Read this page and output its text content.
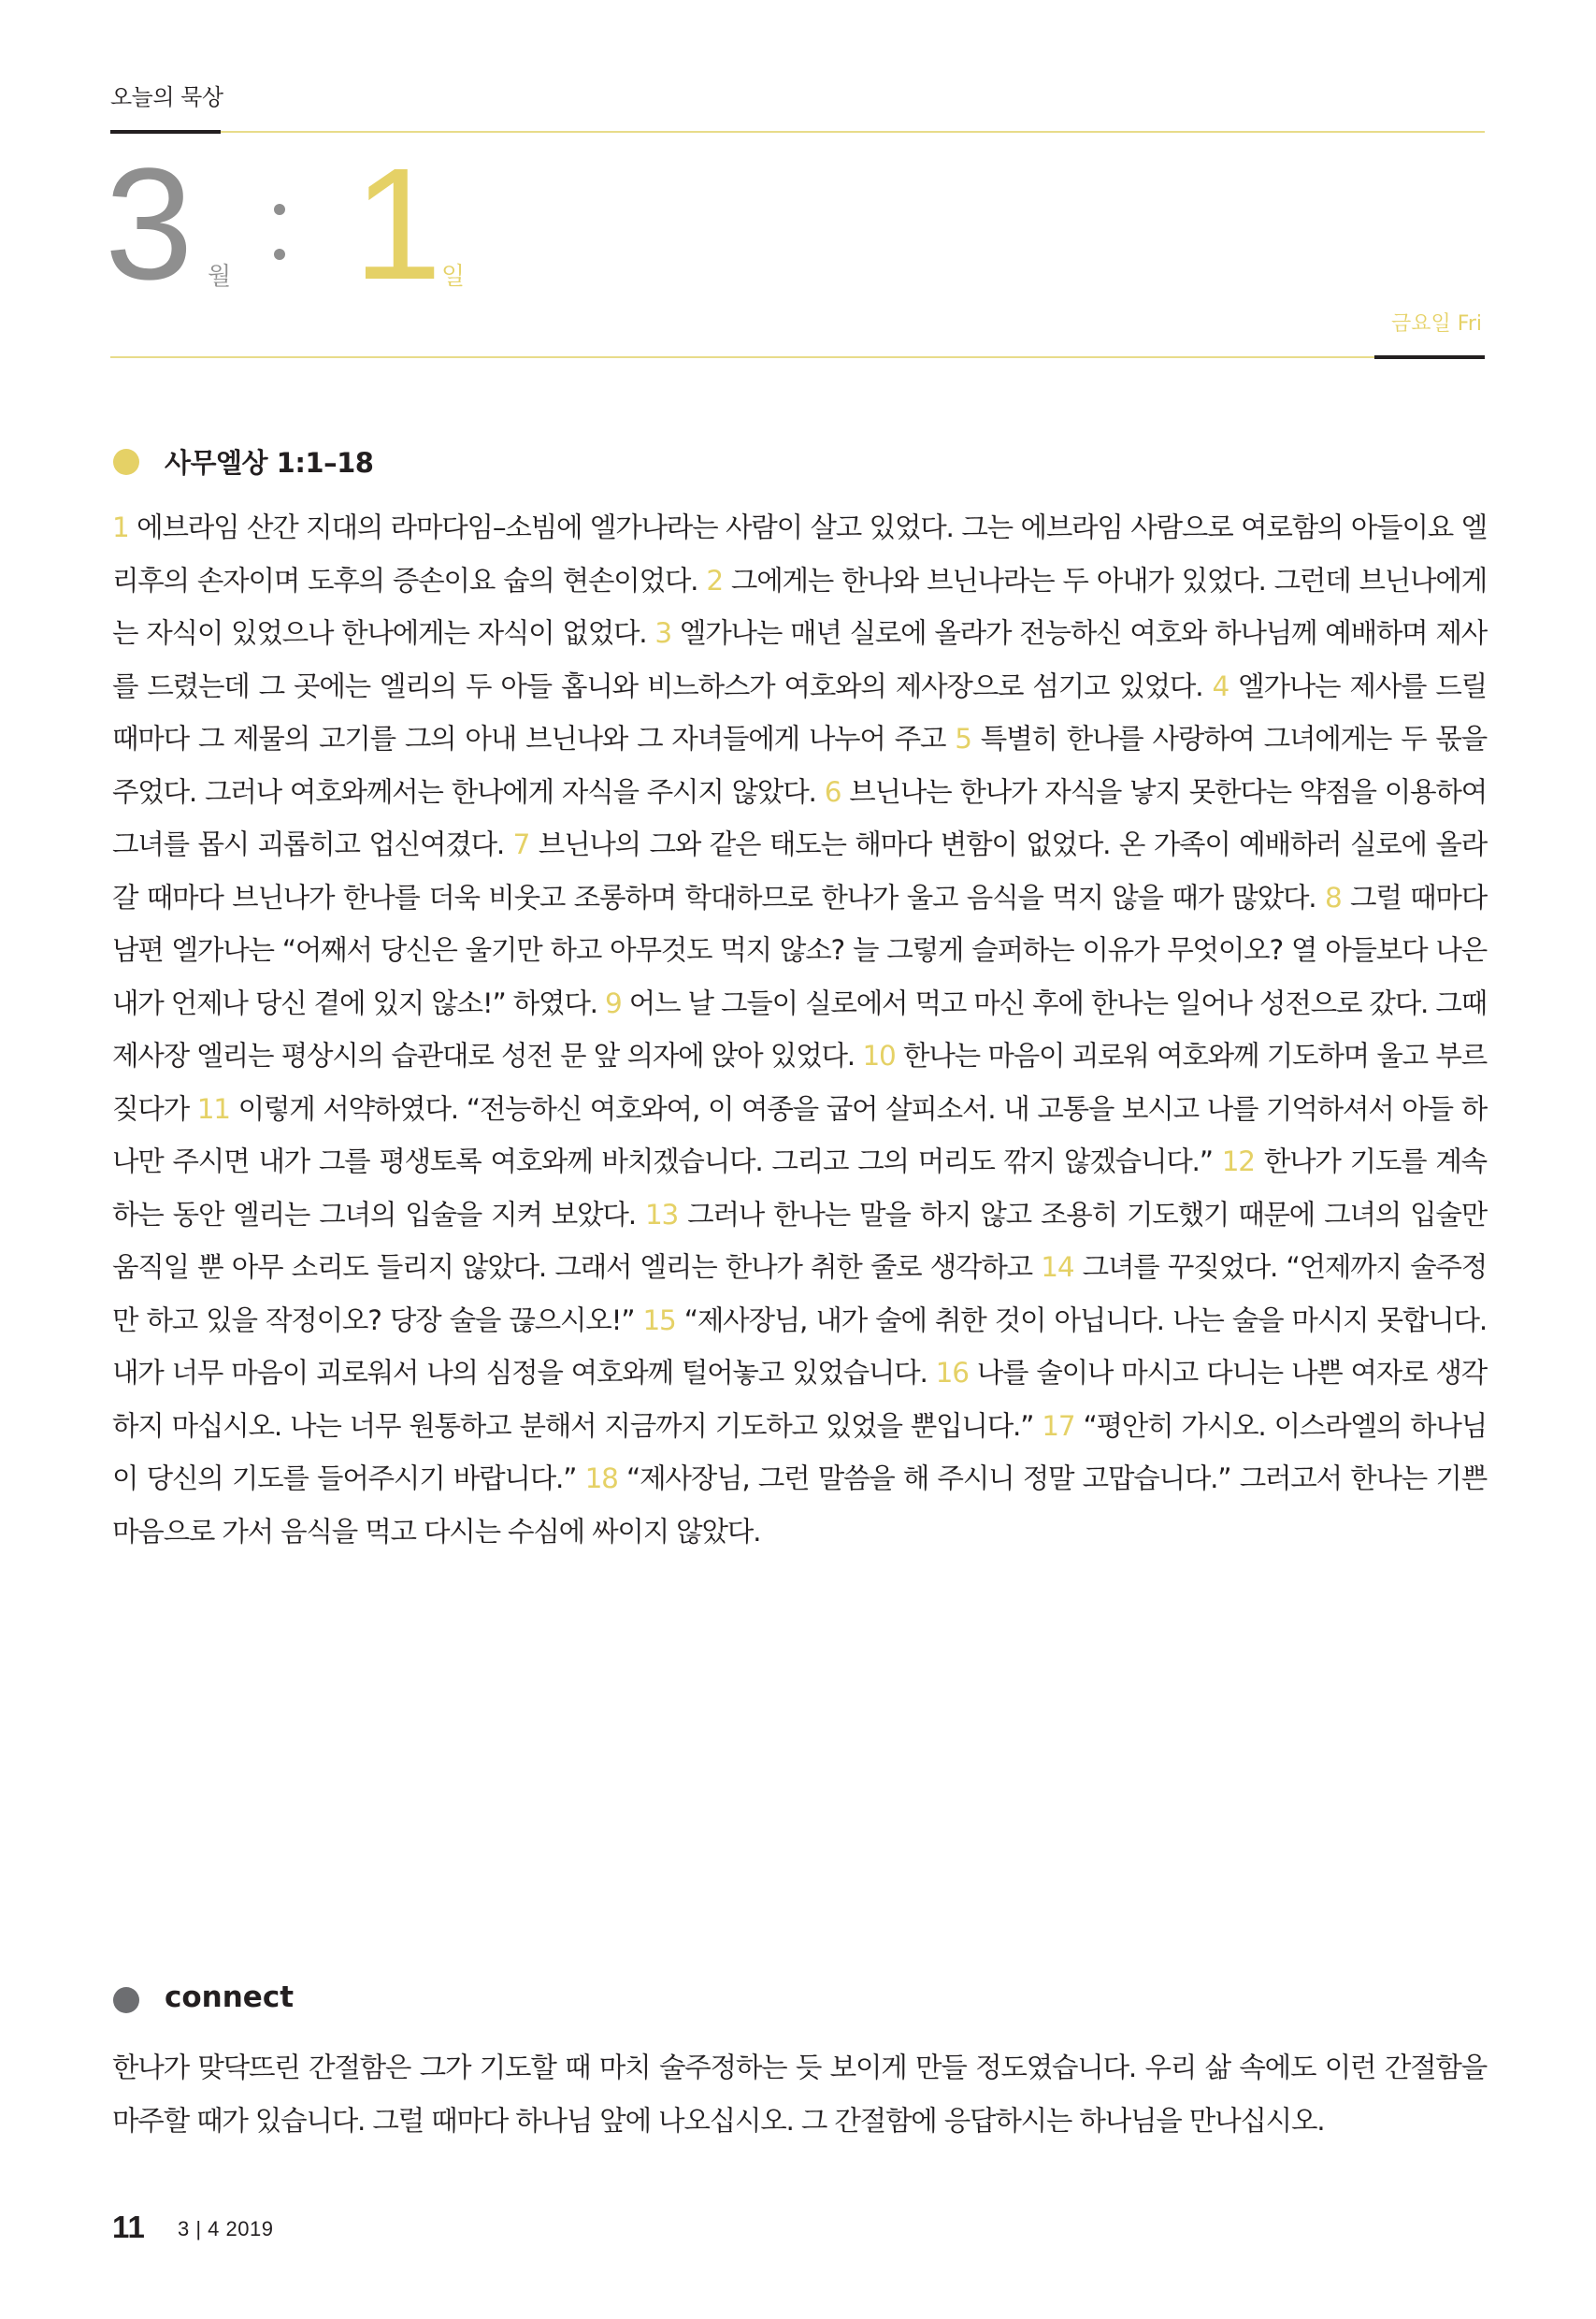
오늘의 묵상
3 월 1 일
금요일 Fri
사무엘상 1:1–18
1 에브라임 산간 지대의 라마다임–소빔에 엘가나라는 사람이 살고 있었다. 그는 에브라임 사람으로 여로함의 아들이요 엘리후의 손자이며 도후의 증손이요 숩의 현손이었다. 2 그에게는 한나와 브닌나라는 두 아내가 있었다. 그런데 브닌나에게는 자식이 있었으나 한나에게는 자식이 없었다. 3 엘가나는 매년 실로에 올라가 전능하신 여호와 하나님께 예배하며 제사를 드렸는데 그 곳에는 엘리의 두 아들 홉니와 비느하스가 여호와의 제사장으로 섬기고 있었다. 4 엘가나는 제사를 드릴 때마다 그 제물의 고기를 그의 아내 브닌나와 그 자녀들에게 나누어 주고 5 특별히 한나를 사랑하여 그녀에게는 두 몫을 주었다. 그러나 여호와께서는 한나에게 자식을 주시지 않았다. 6 브닌나는 한나가 자식을 낳지 못한다는 약점을 이용하여 그녀를 몹시 괴롭히고 업신여겼다. 7 브닌나의 그와 같은 태도는 해마다 변함이 없었다. 온 가족이 예배하러 실로에 올라갈 때마다 브닌나가 한나를 더욱 비웃고 조롱하며 학대하므로 한나가 울고 음식을 먹지 않을 때가 많았다. 8 그럴 때마다 남편 엘가나는 “어째서 당신은 울기만 하고 아무것도 먹지 않소? 늘 그렇게 슬퍼하는 이유가 무엇이오? 열 아들보다 나은 내가 언제나 당신 곁에 있지 않소!” 하였다. 9 어느 날 그들이 실로에서 먹고 마신 후에 한나는 일어나 성전으로 갔다. 그때 제사장 엘리는 평상시의 습관대로 성전 문 앞 의자에 앉아 있었다. 10 한나는 마음이 괴로워 여호와께 기도하며 울고 부르짖다가 11 이렇게 서약하였다. “전능하신 여호와여, 이 여종을 굽어 살피소서. 내 고통을 보시고 나를 기억하셔서 아들 하나만 주시면 내가 그를 평생토록 여호와께 바치겠습니다. 그리고 그의 머리도 깎지 않겠습니다.” 12 한나가 기도를 계속하는 동안 엘리는 그녀의 입술을 지켜 보았다. 13 그러나 한나는 말을 하지 않고 조용히 기도했기 때문에 그녀의 입술만 움직일 뿐 아무 소리도 들리지 않았다. 그래서 엘리는 한나가 취한 줄로 생각하고 14 그녀를 꾸짖었다. “언제까지 술주정만 하고 있을 작정이오? 당장 술을 끊으시오!” 15 “제사장님, 내가 술에 취한 것이 아닙니다. 나는 술을 마시지 못합니다. 내가 너무 마음이 괴로워서 나의 심정을 여호와께 털어놓고 있었습니다. 16 나를 술이나 마시고 다니는 나쁜 여자로 생각하지 마십시오. 나는 너무 원통하고 분해서 지금까지 기도하고 있었을 뿐입니다.” 17 “평안히 가시오. 이스라엘의 하나님이 당신의 기도를 들어주시기 바랍니다.” 18 “제사장님, 그런 말씀을 해 주시니 정말 고맙습니다.” 그러고서 한나는 기쁜 마음으로 가서 음식을 먹고 다시는 수심에 싸이지 않았다.
connect
한나가 맞닥뜨린 간절함은 그가 기도할 때 마치 술주정하는 듯 보이게 만들 정도였습니다. 우리 삶 속에도 이런 간절함을 마주할 때가 있습니다. 그럴 때마다 하나님 앞에 나오십시오. 그 간절함에 응답하시는 하나님을 만나십시오.
11 3 | 4 2019
